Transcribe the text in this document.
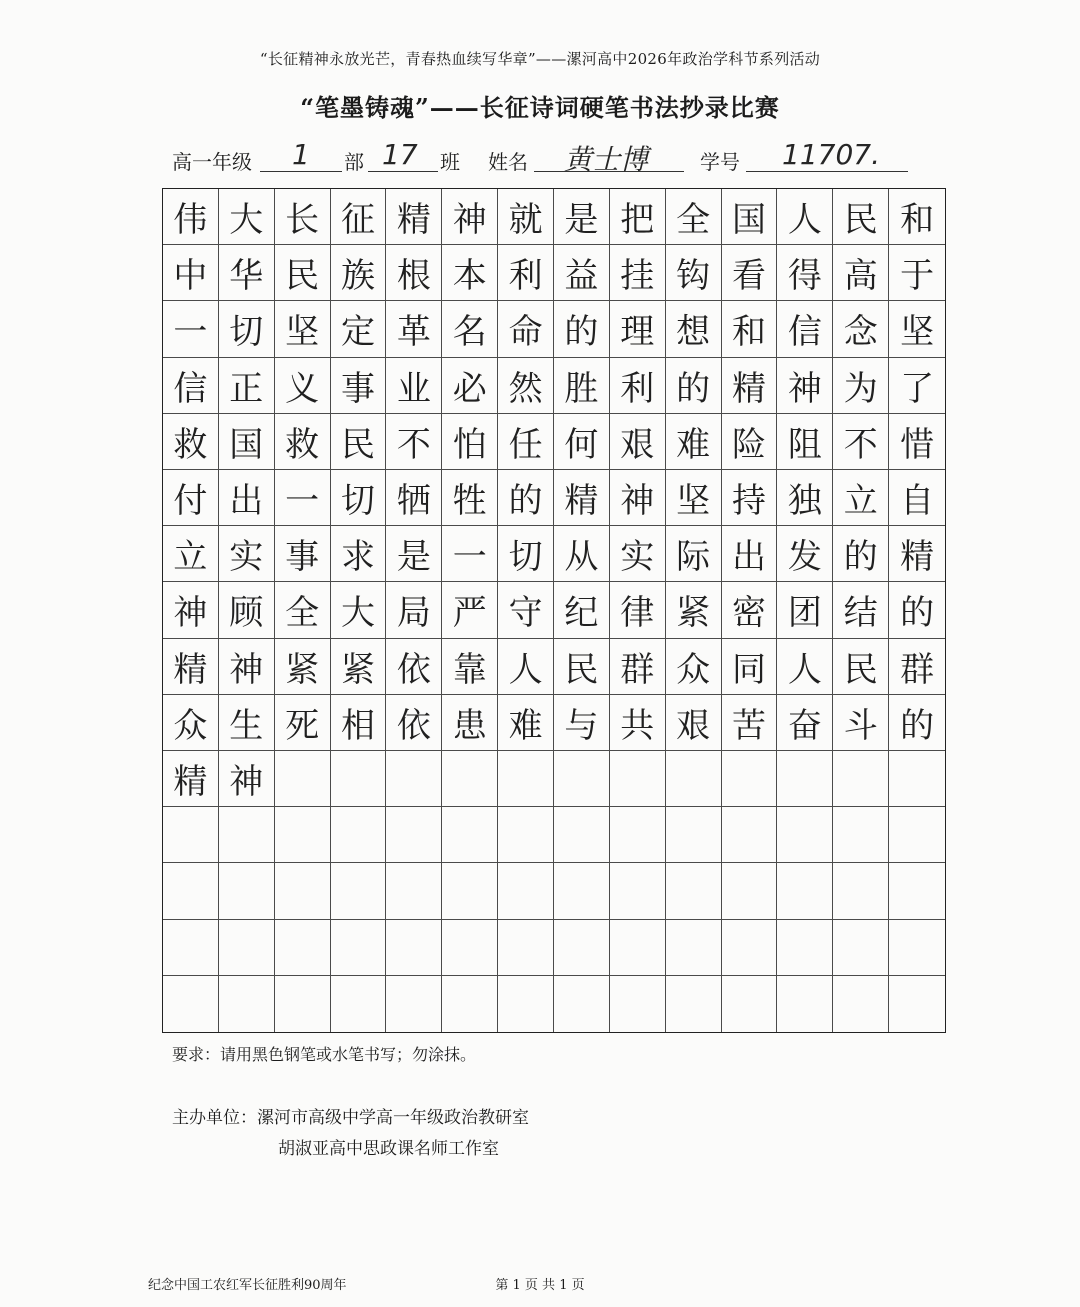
“长征精神永放光芒，青春热血续写华章”——漯河高中2026年政治学科节系列活动
“笔墨铸魂”——长征诗词硬笔书法抄录比赛
高一年级 1 部 17 班 姓名 黄士博	学号 11707.
伟 大 长 征 精 神 就 是 把 全 国 人 民 和
中 华 民 族 根 本 利 益 挂 钩 看 得 高 于
一 切 坚 定 革 名 命 的 理 想 和 信 念 坚
信 正 义 事 业 必 然 胜 利 的 精 神 为 了
救 国 救 民 不 怕 任 何 艰 难 险 阻 不 惜
付 出 一 切 牺 牲 的 精 神 坚 持 独 立 自
立 实 事 求 是 一 切 从 实 际 出 发 的 精
神 顾 全 大 局 严 守 纪 律 紧 密 团 结 的
精 神 紧 紧 依 靠 人 民 群 众 同 人 民 群
众 生 死 相 依 患 难 与 共 艰 苦 奋 斗 的
精 神
要求：请用黑色钢笔或水笔书写；勿涂抹。
主办单位：漯河市高级中学高一年级政治教研室
胡淑亚高中思政课名师工作室
纪念中国工农红军长征胜利90周年	第 1 页 共 1 页
